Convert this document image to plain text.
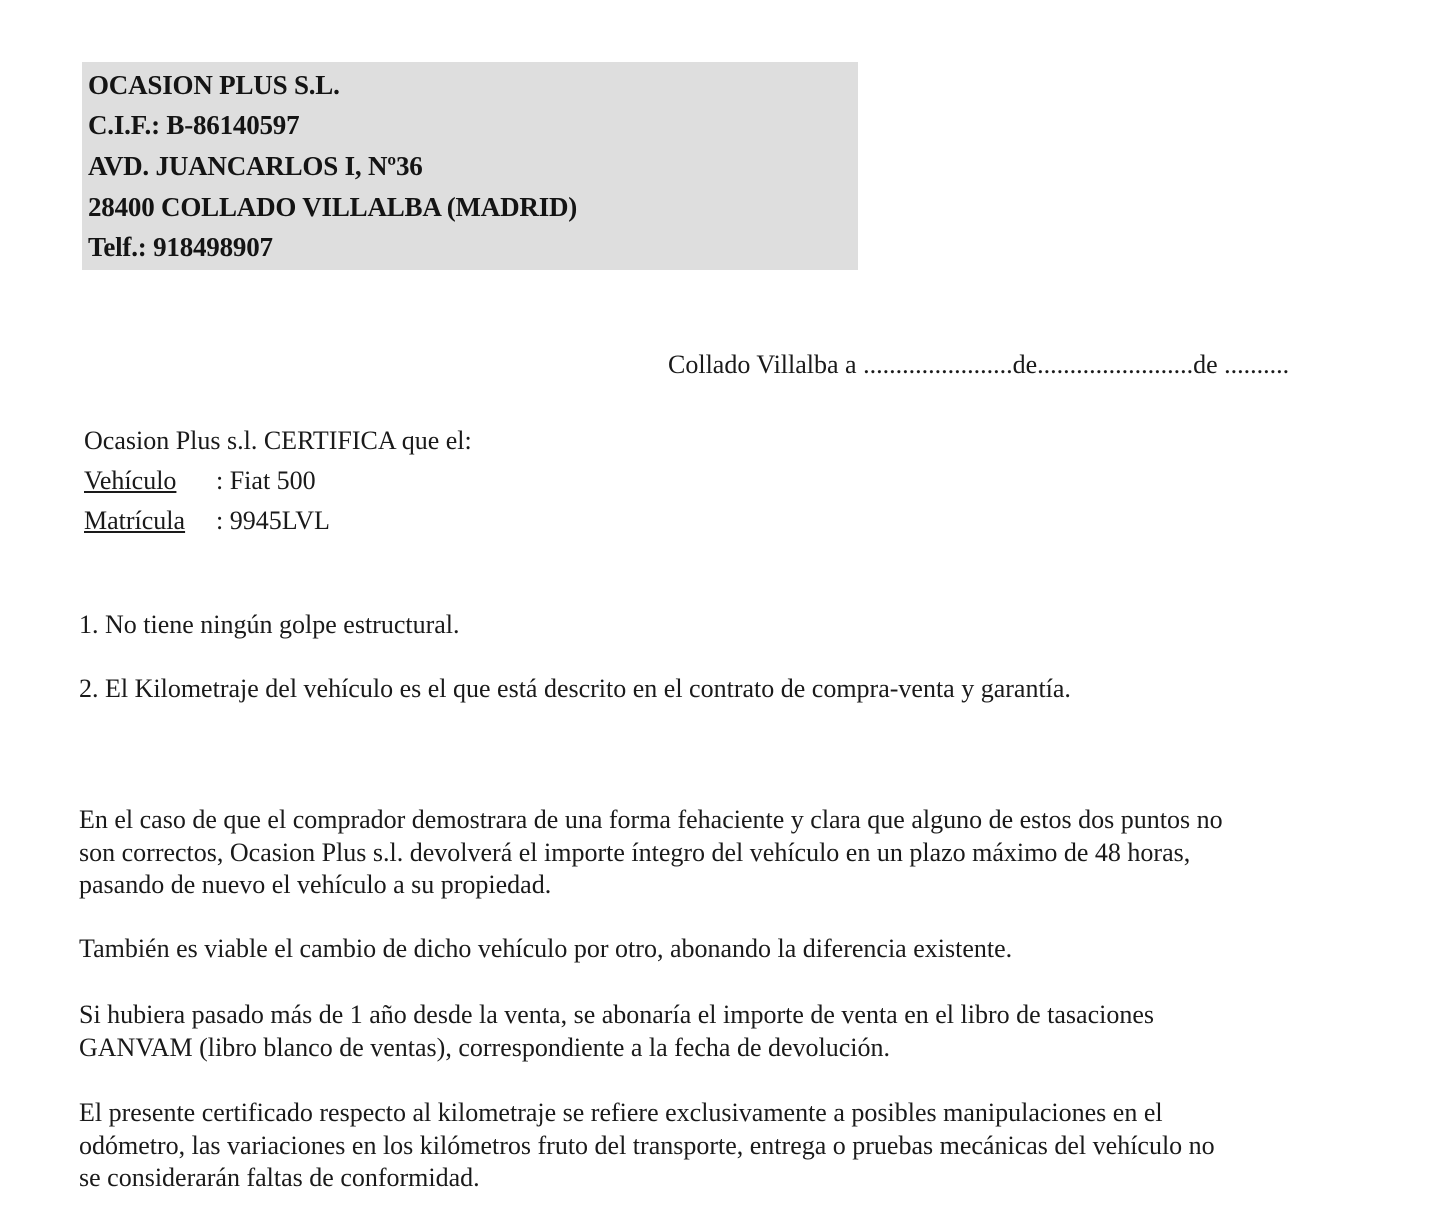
OCASION PLUS S.L.
C.I.F.: B-86140597
AVD. JUANCARLOS I, Nº36
28400 COLLADO VILLALBA (MADRID)
Telf.: 918498907
Collado Villalba a .......................de........................de ..........
Ocasion Plus s.l. CERTIFICA que el:
Vehículo : Fiat 500
Matrícula : 9945LVL
1. No tiene ningún golpe estructural.
2. El Kilometraje del vehículo es el que está descrito en el contrato de compra-venta y garantía.
En el caso de que el comprador demostrara de una forma fehaciente y clara que alguno de estos dos puntos no
son correctos, Ocasion Plus s.l. devolverá el importe íntegro del vehículo en un plazo máximo de 48 horas,
pasando de nuevo el vehículo a su propiedad.
También es viable el cambio de dicho vehículo por otro, abonando la diferencia existente.
Si hubiera pasado más de 1 año desde la venta, se abonaría el importe de venta en el libro de tasaciones
GANVAM (libro blanco de ventas), correspondiente a la fecha de devolución.
El presente certificado respecto al kilometraje se refiere exclusivamente a posibles manipulaciones en el
odómetro, las variaciones en los kilómetros fruto del transporte, entrega o pruebas mecánicas del vehículo no
se considerarán faltas de conformidad.
